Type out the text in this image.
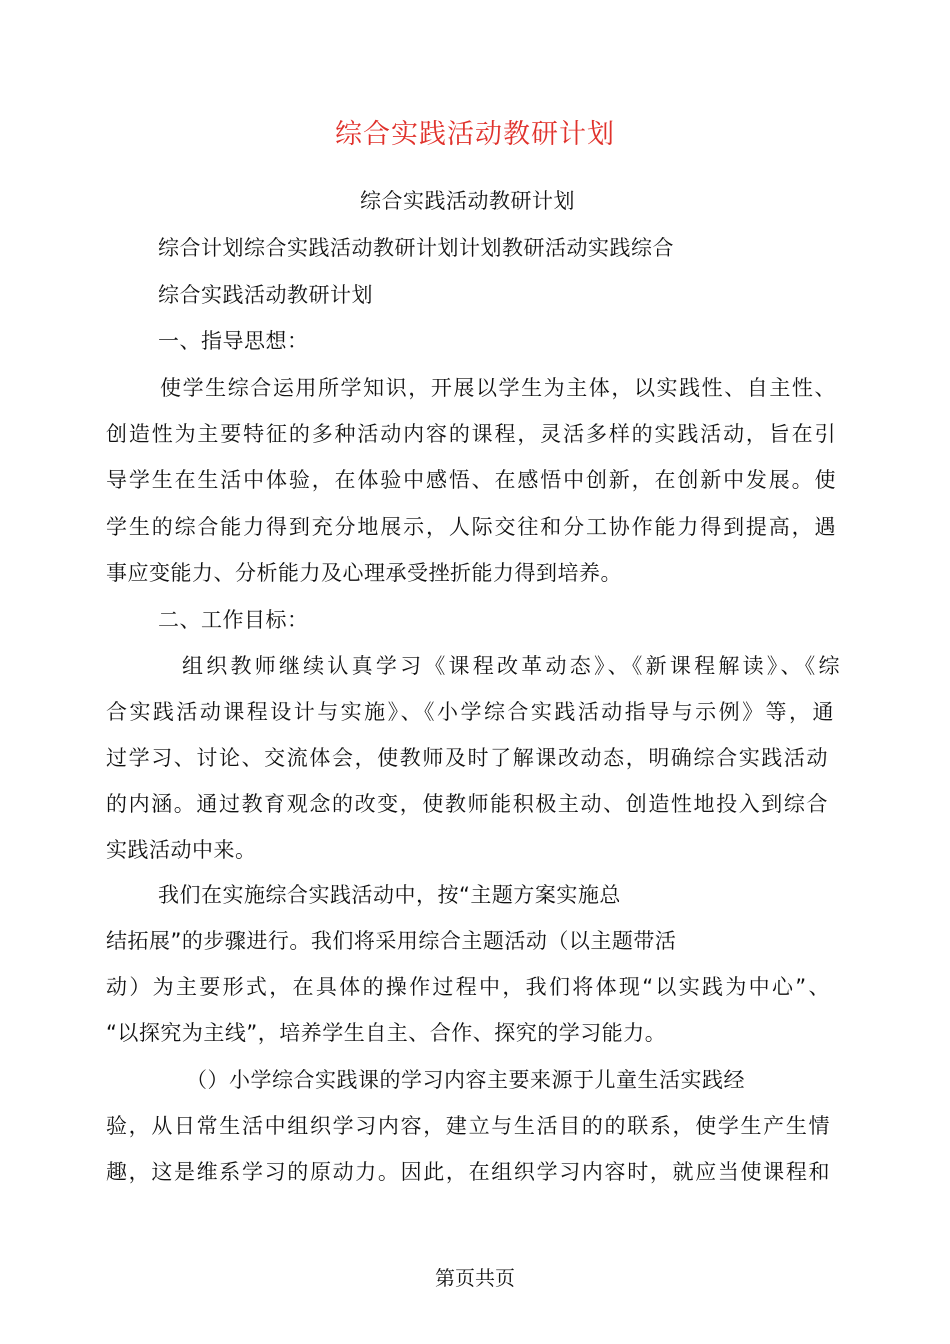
综合实践活动教研计划
综合实践活动教研计划
综合计划综合实践活动教研计划计划教研活动实践综合
综合实践活动教研计划
一、指导思想：
使学生综合运用所学知识，开展以学生为主体，以实践性、自主性、
创造性为主要特征的多种活动内容的课程，灵活多样的实践活动，旨在引
导学生在生活中体验，在体验中感悟、在感悟中创新，在创新中发展。使
学生的综合能力得到充分地展示，人际交往和分工协作能力得到提高，遇
事应变能力、分析能力及心理承受挫折能力得到培养。
二、工作目标：
组织教师继续认真学习《课程改革动态》、《新课程解读》、《综
合实践活动课程设计与实施》、《小学综合实践活动指导与示例》等，通
过学习、讨论、交流体会，使教师及时了解课改动态，明确综合实践活动
的内涵。通过教育观念的改变，使教师能积极主动、创造性地投入到综合
实践活动中来。
我们在实施综合实践活动中，按“主题方案实施总
结拓展”的步骤进行。我们将采用综合主题活动（以主题带活
动）为主要形式，在具体的操作过程中，我们将体现“以实践为中心”、
“以探究为主线”，培养学生自主、合作、探究的学习能力。
（）小学综合实践课的学习内容主要来源于儿童生活实践经
验，从日常生活中组织学习内容，建立与生活目的的联系，使学生产生情
趣，这是维系学习的原动力。因此，在组织学习内容时，就应当使课程和
第页共页
